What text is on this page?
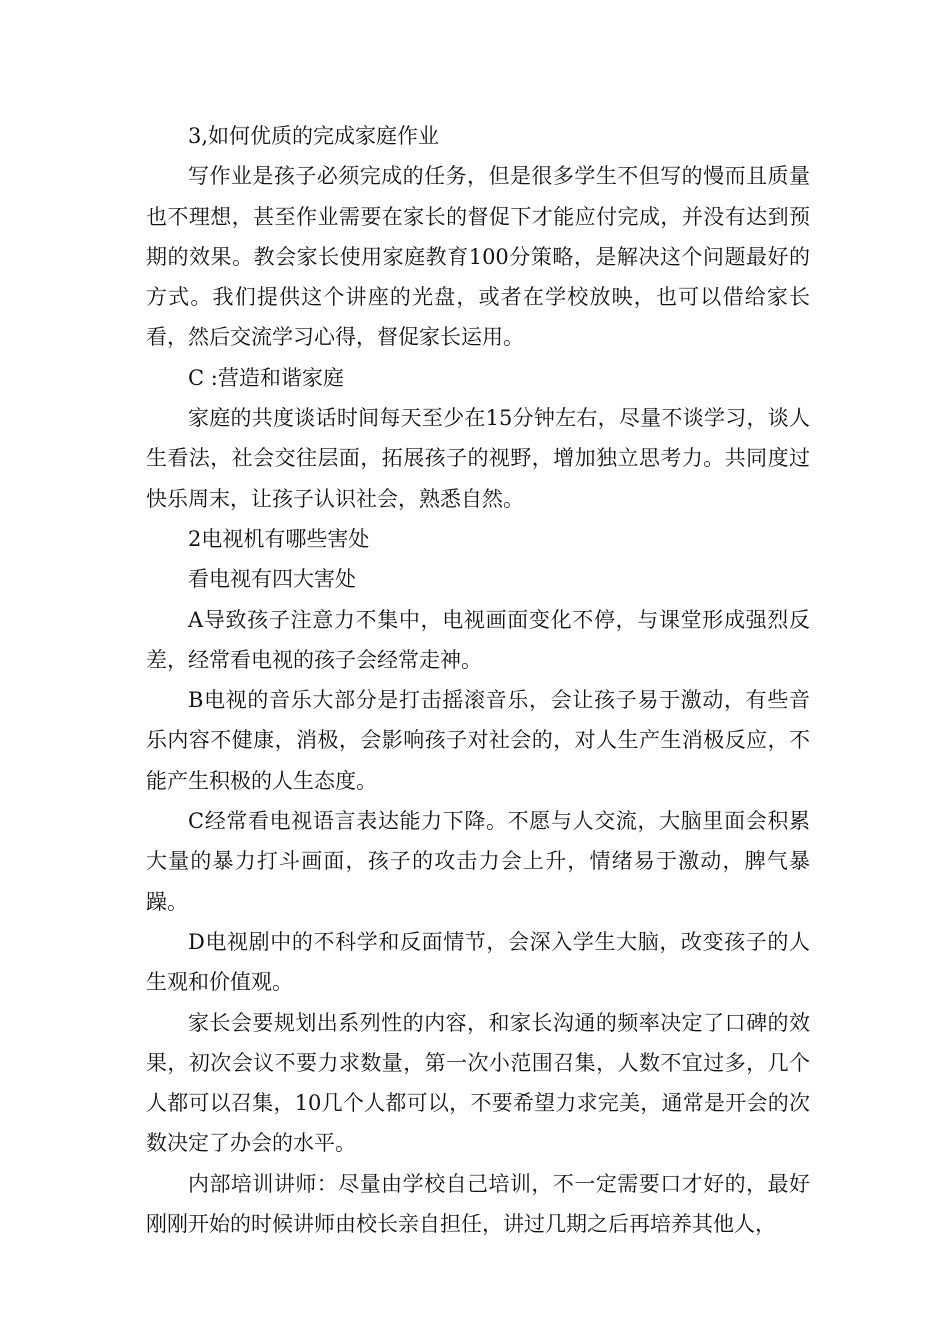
3,如何优质的完成家庭作业

写作业是孩子必须完成的任务，但是很多学生不但写的慢而且质量也不理想，甚至作业需要在家长的督促下才能应付完成，并没有达到预期的效果。教会家长使用家庭教育100分策略，是解决这个问题最好的方式。我们提供这个讲座的光盘，或者在学校放映，也可以借给家长看，然后交流学习心得，督促家长运用。

C :营造和谐家庭

家庭的共度谈话时间每天至少在15分钟左右，尽量不谈学习，谈人生看法，社会交往层面，拓展孩子的视野，增加独立思考力。共同度过快乐周末，让孩子认识社会，熟悉自然。

2电视机有哪些害处

看电视有四大害处

A导致孩子注意力不集中，电视画面变化不停，与课堂形成强烈反差，经常看电视的孩子会经常走神。

B电视的音乐大部分是打击摇滚音乐，会让孩子易于激动，有些音乐内容不健康，消极，会影响孩子对社会的，对人生产生消极反应，不能产生积极的人生态度。

C经常看电视语言表达能力下降。不愿与人交流，大脑里面会积累大量的暴力打斗画面，孩子的攻击力会上升，情绪易于激动，脾气暴躁。

D电视剧中的不科学和反面情节，会深入学生大脑，改变孩子的人生观和价值观。

家长会要规划出系列性的内容，和家长沟通的频率决定了口碑的效果，初次会议不要力求数量，第一次小范围召集，人数不宜过多，几个人都可以召集，10几个人都可以，不要希望力求完美，通常是开会的次数决定了办会的水平。

内部培训讲师：尽量由学校自己培训，不一定需要口才好的，最好刚刚开始的时候讲师由校长亲自担任，讲过几期之后再培养其他人，
